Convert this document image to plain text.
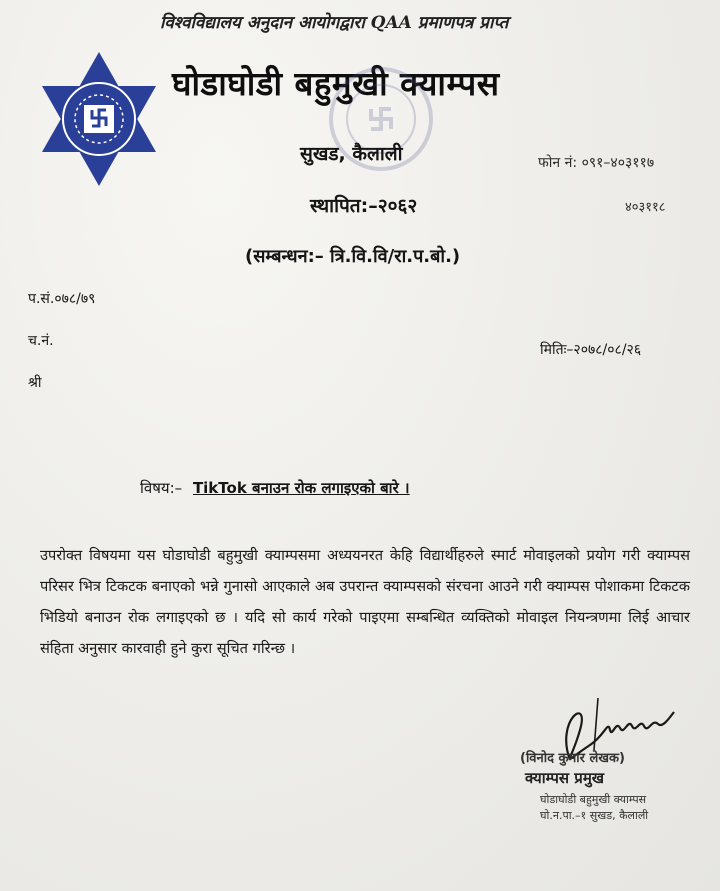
विश्वविद्यालय अनुदान आयोगद्वारा QAA प्रमाणपत्र प्राप्त
घोडाघोडी बहुमुखी क्याम्पस
सुखड, कैलाली	फोन नं: ०९१–४०३११७
स्थापित:–२०६२	४०३११८
(सम्बन्धन:– त्रि.वि.वि/रा.प.बो.)
प.सं.०७८/७९
च.नं.
मितिः–२०७८/०८/२६
श्री
विषय:– TikTok बनाउन रोक लगाइएको बारे ।
उपरोक्त विषयमा यस घोडाघोडी बहुमुखी क्याम्पसमा अध्ययनरत केहि विद्यार्थीहरुले स्मार्ट मोवाइलको प्रयोग गरी क्याम्पस परिसर भित्र टिकटक बनाएको भन्ने गुनासो आएकाले अब उपरान्त क्याम्पसको संरचना आउने गरी क्याम्पस पोशाकमा टिकटक भिडियो बनाउन रोक लगाइएको छ । यदि सो कार्य गरेको पाइएमा सम्बन्धित व्यक्तिको मोवाइल नियन्त्रणमा लिई आचार संहिता अनुसार कारवाही हुने कुरा सूचित गरिन्छ ।
(विनोद कुमार लेखक)
क्याम्पस प्रमुख
घोडाघोडी बहुमुखी क्याम्पस
घो.न.पा.–१ सुखड, कैलाली
